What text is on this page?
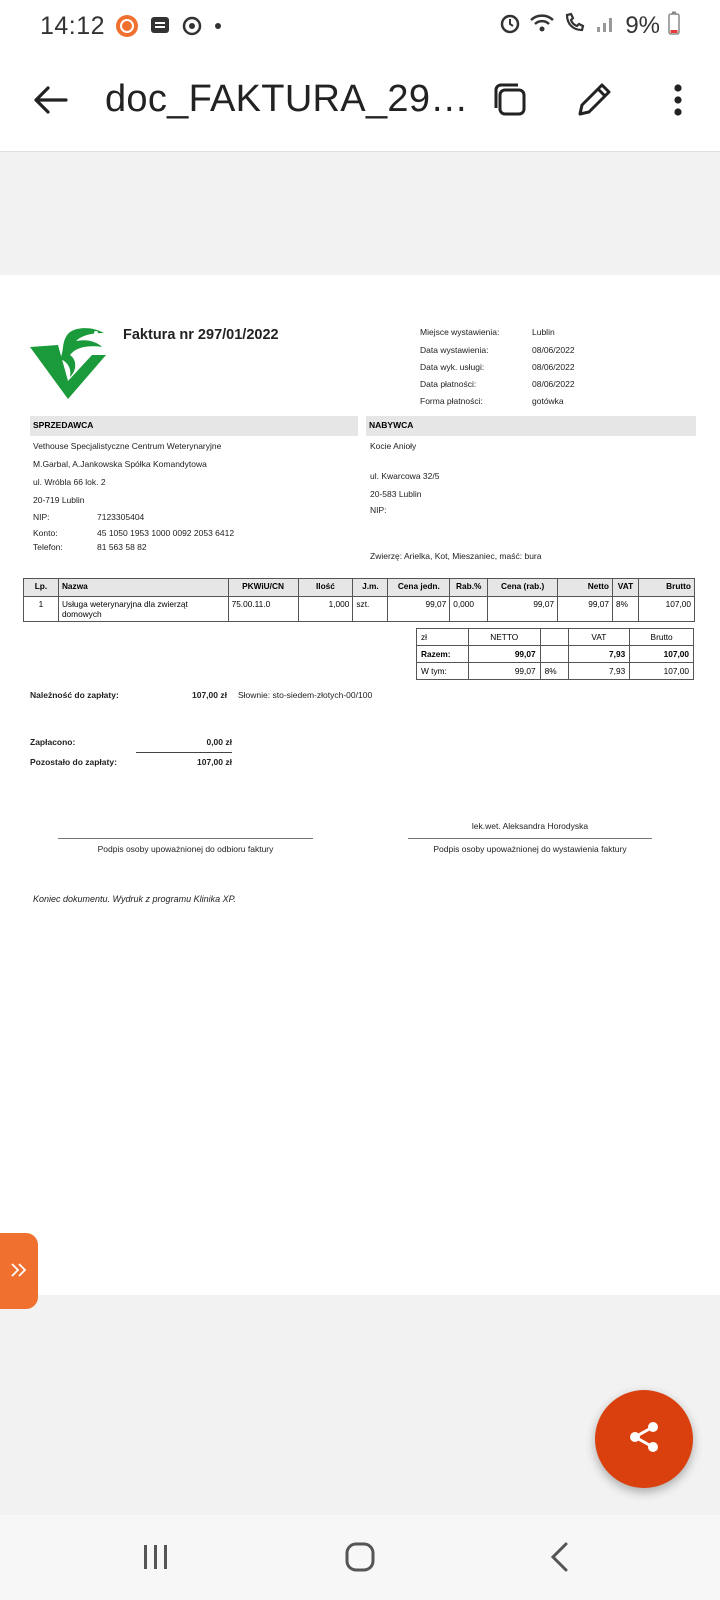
14:12	9%
doc_FAKTURA_29…
Faktura nr 297/01/2022	Miejsce wystawienia:	Lublin
Data wystawienia:	08/06/2022
Data wyk. usługi:	08/06/2022
Data płatności:	08/06/2022
Forma płatności:	gotówka
SPRZEDAWCA	NABYWCA
Vethouse Specjalistyczne Centrum Weterynaryjne
M.Garbal, A.Jankowska Spółka Komandytowa
ul. Wróbla 66 lok. 2
20-719 Lublin
NIP:	7123305404
Konto:	45 1050 1953 1000 0092 2053 6412
Telefon:	81 563 58 82
Kocie Anioły
ul. Kwarcowa 32/5
20-583 Lublin
NIP:
Zwierzę: Arielka, Kot, Mieszaniec, maść: bura
Lp.	Nazwa	PKWiU/CN	Ilość	J.m.	Cena jedn.	Rab.%	Cena (rab.)	Netto	VAT	Brutto
1	Usługa weterynaryjna dla zwierząt domowych	75.00.11.0	1,000	szt.	99,07	0,000	99,07	99,07	8%	107,00
zł	NETTO		VAT	Brutto
Razem:	99,07		7,93	107,00
W tym:	99,07	8%	7,93	107,00
Należność do zapłaty:	107,00 zł Słownie: sto-siedem-złotych-00/100
Zapłacono:	0,00 zł
Pozostało do zapłaty:	107,00 zł
lek.wet. Aleksandra Horodyska
Podpis osoby upoważnionej do odbioru faktury	Podpis osoby upoważnionej do wystawienia faktury
Koniec dokumentu. Wydruk z programu Klinika XP.
